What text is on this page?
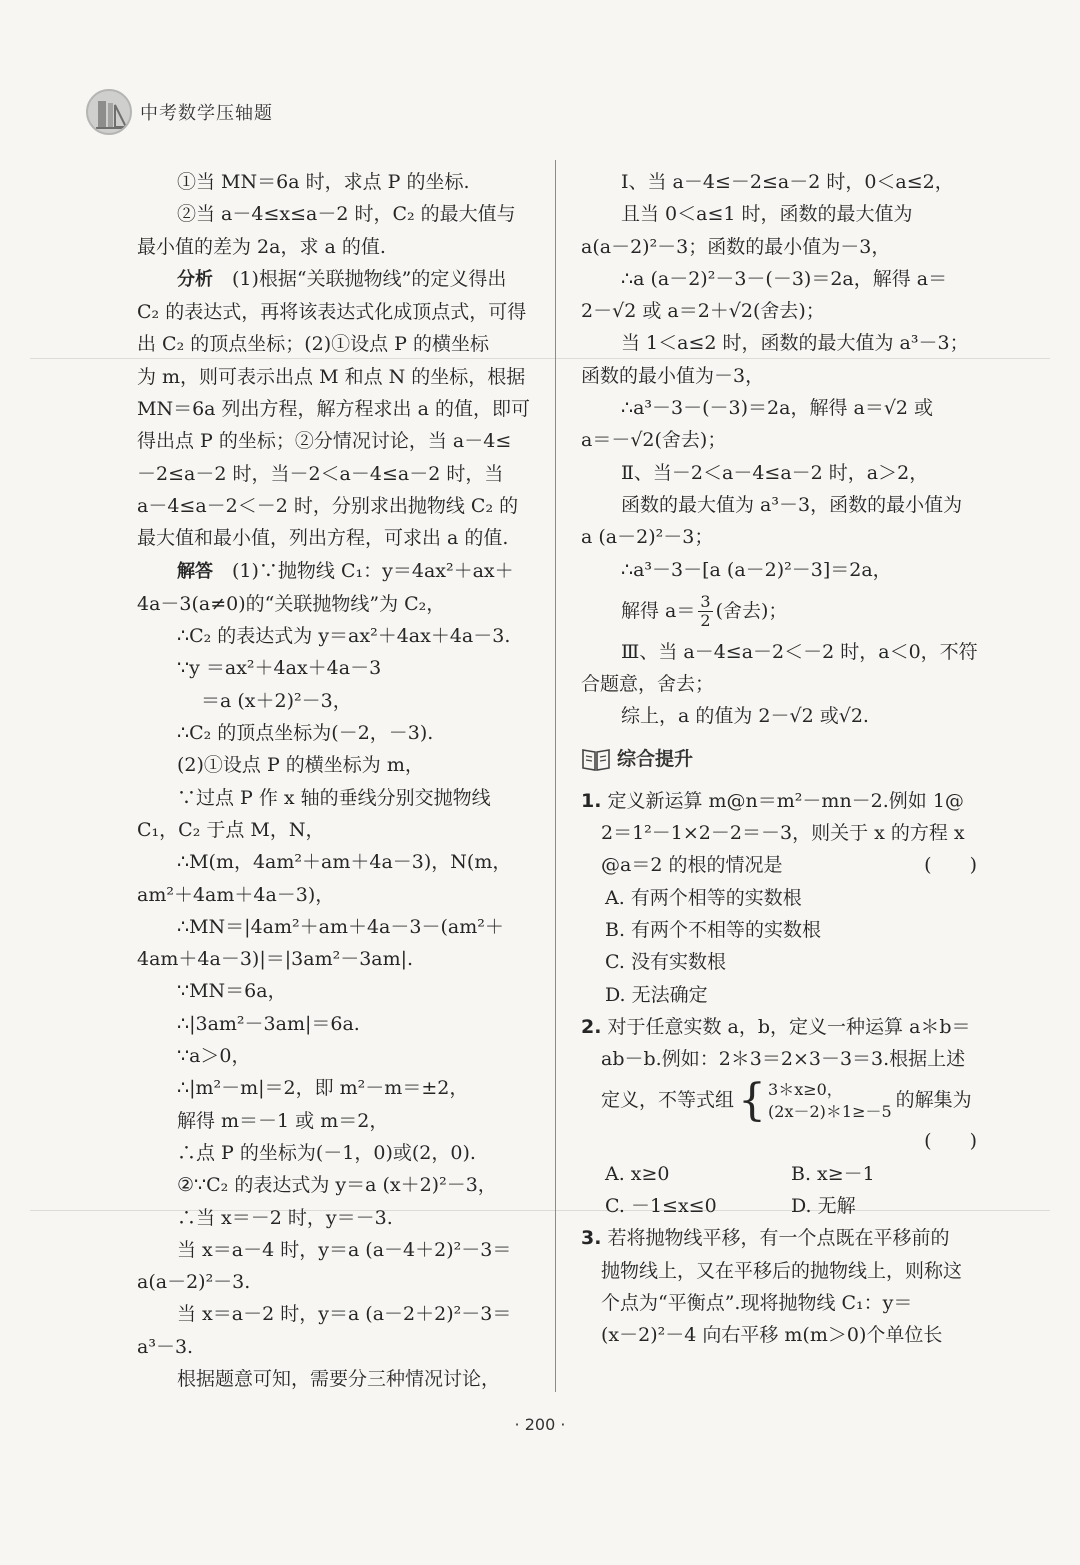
中考数学压轴题
①当 MN＝6a 时，求点 P 的坐标.
②当 a－4≤x≤a－2 时，C₂ 的最大值与
最小值的差为 2a，求 a 的值.
分析　 (1)根据“关联抛物线”的定义得出
C₂ 的表达式，再将该表达式化成顶点式，可得
出 C₂ 的顶点坐标；(2)①设点 P 的横坐标
为 m，则可表示出点 M 和点 N 的坐标，根据
MN＝6a 列出方程，解方程求出 a 的值，即可
得出点 P 的坐标；②分情况讨论，当 a－4≤
－2≤a－2 时，当－2＜a－4≤a－2 时，当
a－4≤a－2＜－2 时，分别求出抛物线 C₂ 的
最大值和最小值，列出方程，可求出 a 的值.
解答　 (1)∵抛物线 C₁：y＝4ax²＋ax＋
4a－3(a≠0)的“关联抛物线”为 C₂，
∴C₂ 的表达式为 y＝ax²＋4ax＋4a－3.
∵y ＝ax²＋4ax＋4a－3
＝a (x＋2)²－3，
∴C₂ 的顶点坐标为(－2，－3).
(2)①设点 P 的横坐标为 m，
∵过点 P 作 x 轴的垂线分别交抛物线
C₁，C₂ 于点 M，N，
∴M(m，4am²＋am＋4a－3)，N(m，
am²＋4am＋4a－3)，
∴MN＝|4am²＋am＋4a－3－(am²＋
4am＋4a－3)|＝|3am²－3am|.
∵MN＝6a，
∴|3am²－3am|＝6a.
∵a＞0，
∴|m²－m|＝2，即 m²－m＝±2，
解得 m＝－1 或 m＝2，
∴点 P 的坐标为(－1，0)或(2，0).
②∵C₂ 的表达式为 y＝a (x＋2)²－3，
∴当 x＝－2 时，y＝－3.
当 x＝a－4 时，y＝a (a－4＋2)²－3＝
a(a－2)²－3.
当 x＝a－2 时，y＝a (a－2＋2)²－3＝
a³－3.
根据题意可知，需要分三种情况讨论，
Ⅰ、当 a－4≤－2≤a－2 时，0＜a≤2，
且当 0＜a≤1 时，函数的最大值为
a(a－2)²－3；函数的最小值为－3，
∴a (a－2)²－3－(－3)＝2a，解得 a＝
2－√2 或 a＝2＋√2(舍去)；
当 1＜a≤2 时，函数的最大值为 a³－3；
函数的最小值为－3，
∴a³－3－(－3)＝2a，解得 a＝√2 或
a＝－√2(舍去)；
Ⅱ、当－2＜a－4≤a－2 时，a＞2，
函数的最大值为 a³－3，函数的最小值为
a (a－2)²－3；
∴a³－3－[a (a－2)²－3]＝2a，
解得 $a= \frac{3}{2}$ (舍去)；
Ⅲ、当 a－4≤a－2＜－2 时，a＜0，不符
合题意，舍去；
综上，a 的值为 2－√2 或√2.
综合提升
1. 定义新运算 m@n＝m²－mn－2.例如 1@
2＝1²－1×2－2＝－3，则关于 x 的方程 x
@a＝2 的根的情况是	(　　)
A. 有两个相等的实数根
B. 有两个不相等的实数根
C. 没有实数根
D. 无法确定
2. 对于任意实数 a，b，定义一种运算 a＊b＝
ab－b.例如：2＊3＝2×3－3＝3.根据上述
定义，不等式组 { 3＊x≥0，
(2x－2)＊1≥－5
的解集为
(　　)
A. x≥0	B. x≥－1
C. －1≤x≤0	D. 无解
3. 若将抛物线平移，有一个点既在平移前的
抛物线上，又在平移后的抛物线上，则称这
个点为“平衡点”.现将抛物线 C₁：y＝
(x－2)²－4 向右平移 m(m＞0)个单位长
· 200 ·
